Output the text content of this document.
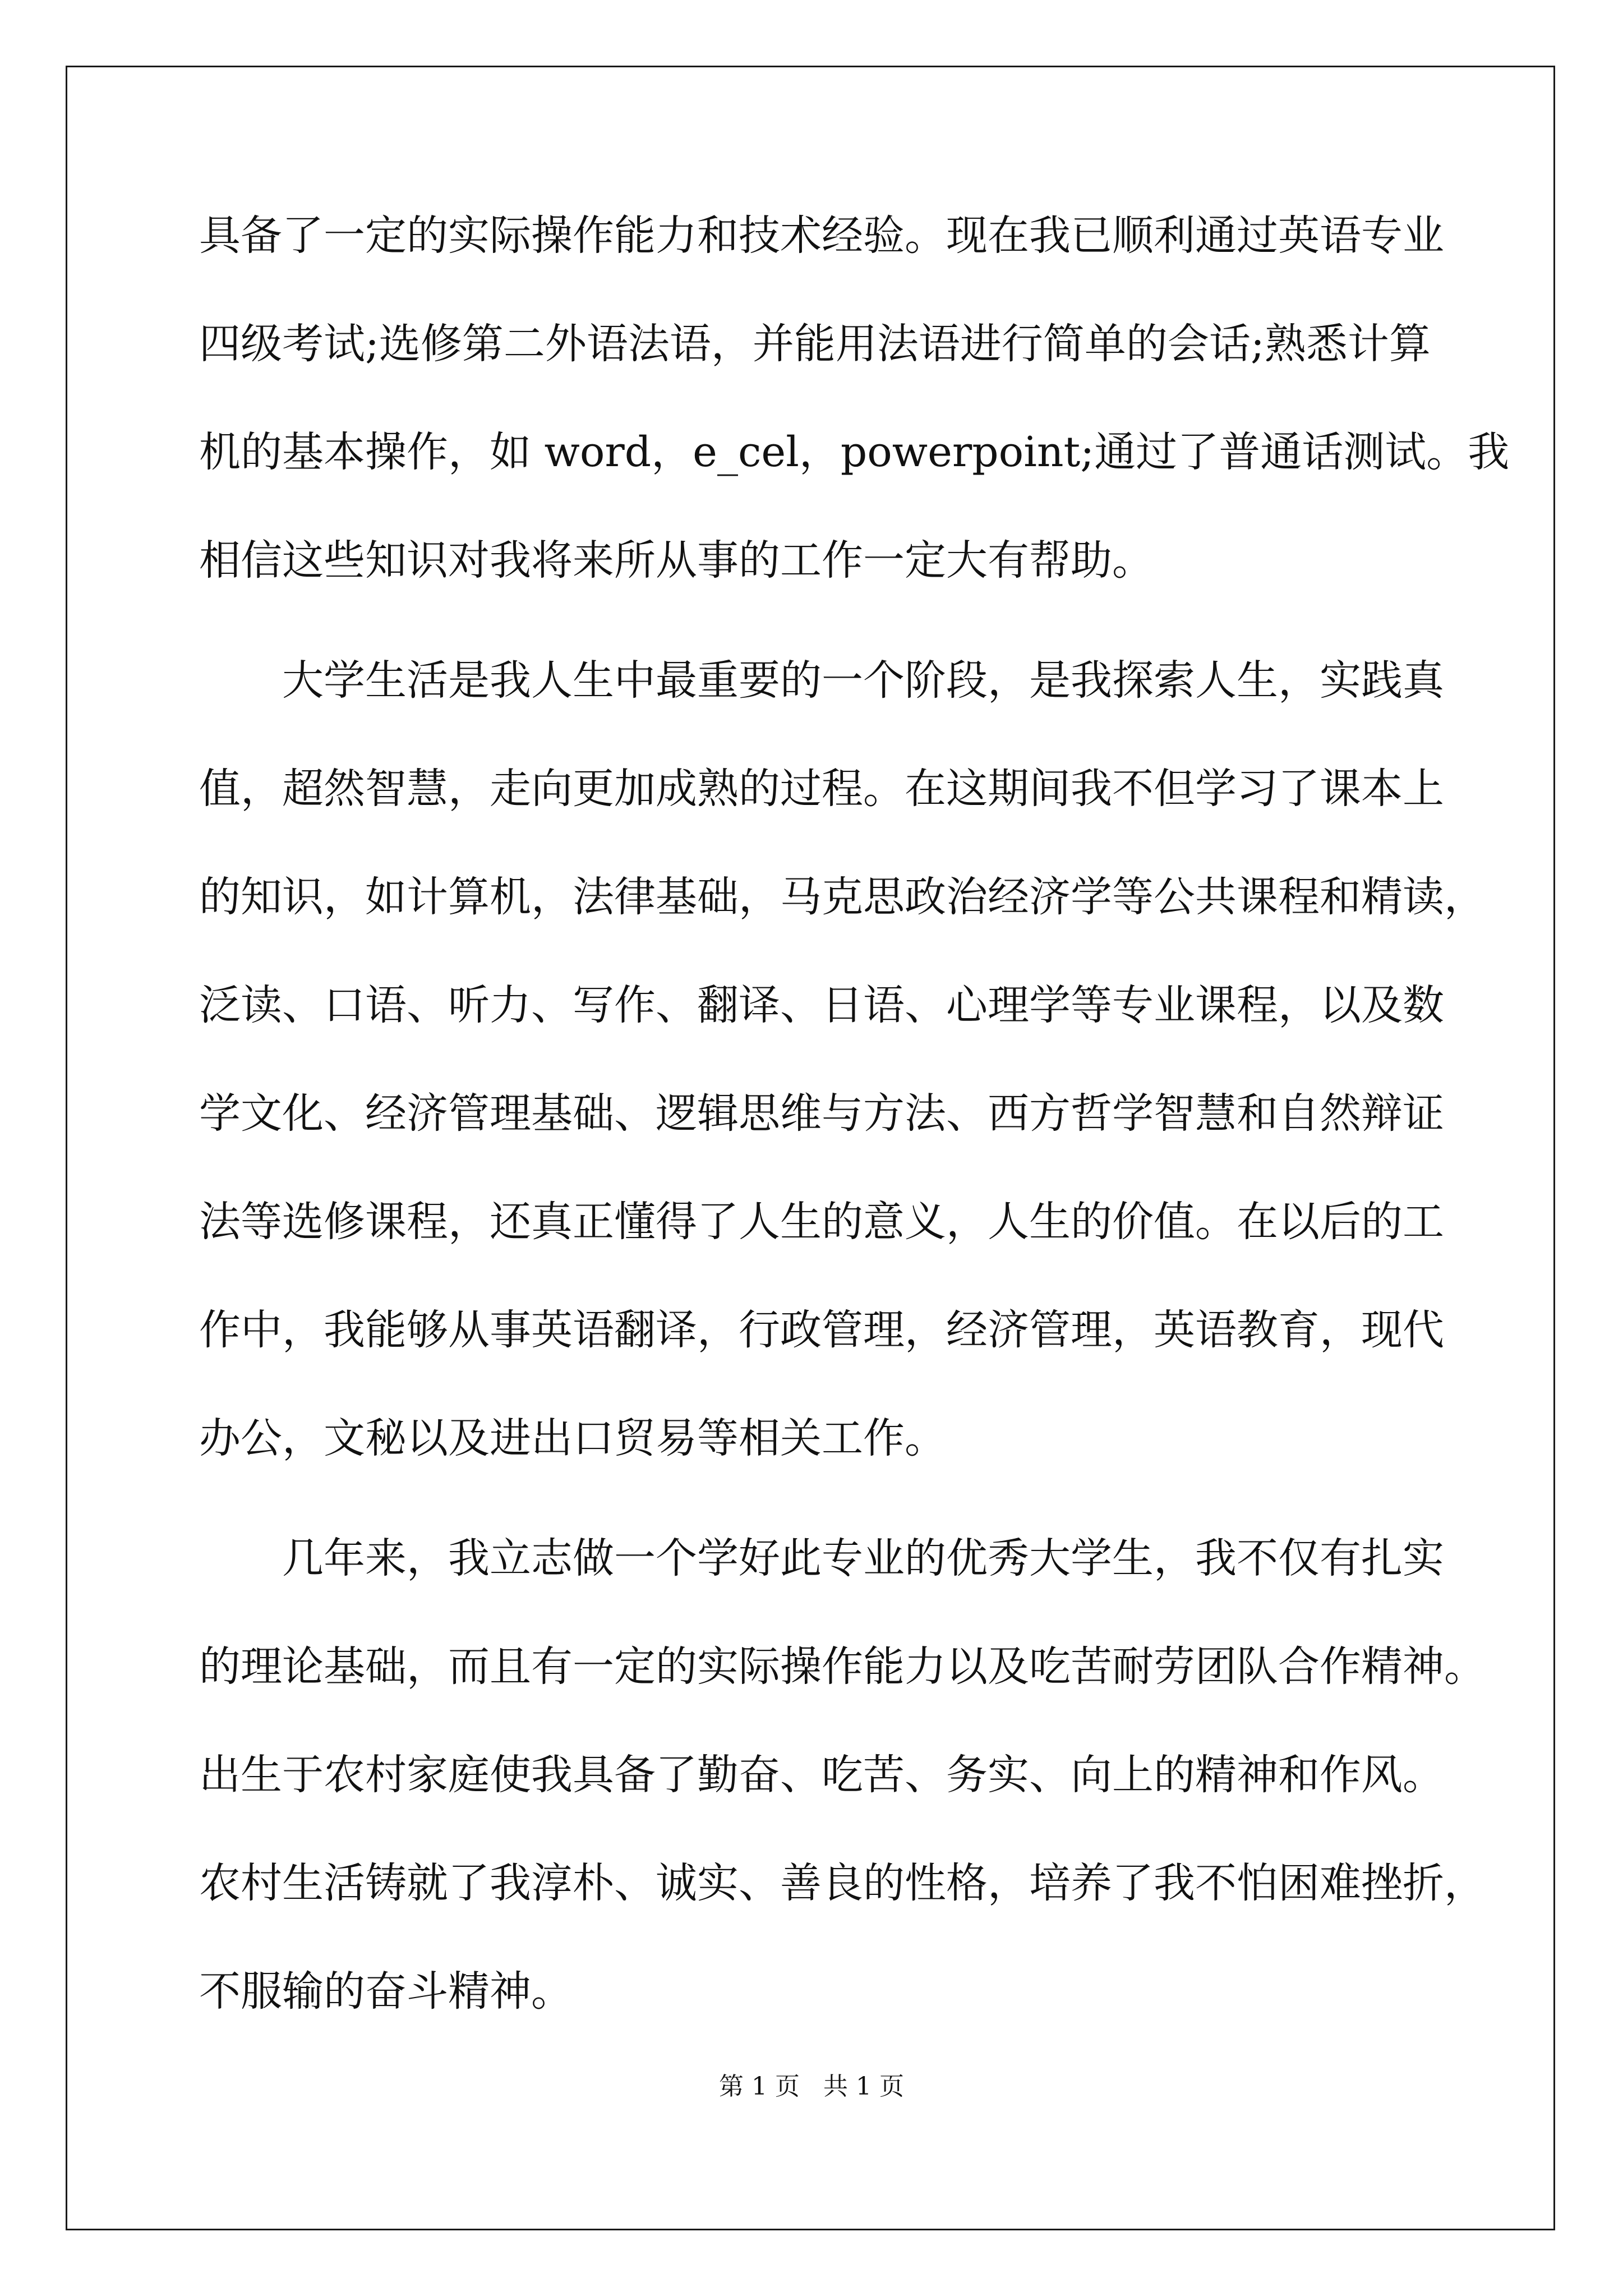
具备了一定的实际操作能力和技术经验。现在我已顺利通过英语专业

四级考试;选修第二外语法语，并能用法语进行简单的会话;熟悉计算

机的基本操作，如 word，e_cel，powerpoint;通过了普通话测试。我

相信这些知识对我将来所从事的工作一定大有帮助。

大学生活是我人生中最重要的一个阶段，是我探索人生，实践真

值，超然智慧，走向更加成熟的过程。在这期间我不但学习了课本上

的知识，如计算机，法律基础，马克思政治经济学等公共课程和精读，

泛读、口语、听力、写作、翻译、日语、心理学等专业课程，以及数

学文化、经济管理基础、逻辑思维与方法、西方哲学智慧和自然辩证

法等选修课程，还真正懂得了人生的意义，人生的价值。在以后的工

作中，我能够从事英语翻译，行政管理，经济管理，英语教育，现代

办公，文秘以及进出口贸易等相关工作。

几年来，我立志做一个学好此专业的优秀大学生，我不仅有扎实

的理论基础，而且有一定的实际操作能力以及吃苦耐劳团队合作精神。

出生于农村家庭使我具备了勤奋、吃苦、务实、向上的精神和作风。

农村生活铸就了我淳朴、诚实、善良的性格，培养了我不怕困难挫折，

不服输的奋斗精神。

第 1 页   共 1 页
